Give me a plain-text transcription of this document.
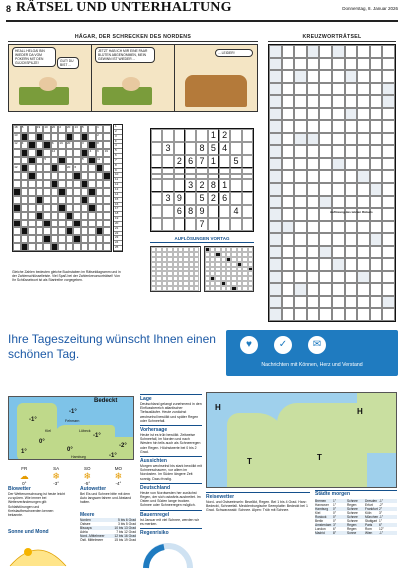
8 RÄTSEL UND UNTERHALTUNG	Donnerstag, 8. Januar 2026
HÄGAR, DER SCHRECKEN DES NORDENS
HEALL HELGA! BIN WIEDER DA VOM POKERN MIT DEN GLÜCKSPILZE!	GUT! DU BIST ...
JETZT HAB ICH MIR EINE PAAR BLÜTEN ABGENOMMEN, MEIN GEWINN IST WIEDER ...
... LEIDER!
18	5	19	10	20	2	20	13	5	1
13	2
12	4	6	19	20	3	8
12	4	6	19
5	5	11
12	20	6
1
2
3
F
4
5
6
7
8
9
10
11
12
13
14
15
16
17
18
19
20
21
22
23
24
25
Gleiche Zahlen bedeuten gleiche Buchstaben im Rätseldiagramm und in der Zahlenschlüsselleiste. Viel Spaß bei der Zahlenkreuzworträtsel! Von Ihr Schlüsselwort ist als Startreihe vorgegeben.
1 2
3	8 5 4
2 6 7 1	5
3 2 8 1
3 9	5 2 6
6 8 9	4
7
AUFLÖSUNGEN VORTAG
KREUZWORTRÄTSEL
Auflösung des letzten Rätsels
Ihre Tageszeitung wünscht Ihnen einen schönen Tag.
♥	✓	✉
Nachrichten mit Können, Herz und Verstand
-1°
-1°
0°
-1°
1°	0°
-2°
-1°
Fehmarn
Lübeck
Kiel
Hamburg
Bedeckt
FR
☁
0°
SA
❄
-3°
SO
❄
-5°
MO
❄
-4°
Biowetter
Der Wetterumschwung ist heute leicht zu spüren. Wie immer bei Wetterveränderungen gilt: Schlafstörungen und Kreislaufbeschwerden kennen bekannte.
Autowetter
Bei Eis und Schnee bitte mit dem Auto langsam fahren und Abstand halten.
Sonne und Mond
Meere
Norden	5 bis 6 Grad
Ostsee	3 bis 5 Grad
Biscaya	10 bis 13 Grad
Adria	7 bis 12 Grad
Nord.-Mittelmeer	12 bis 16 Grad
Östl. Mittelmeer	15 bis 19 Grad
Lage
Deutschland gelangt zunehmend in den Einflussbereich atlantischer Tiefausläufer. Heute zunächst wechselnd bewölkt und später Regen oder Schneefall.
Vorhersage
Heute ist es trüb bewölkt. Zeitweise Schneefall, im Norden und nach Westen hin teils auch als Schneeregen oder Regen. Höchstwerte bei 0 bis 2 Grad.
Aussichten
Morgen wechselnd bis stark bewölkt mit Schneeschauern, vor allem im Nordosten. Im Süden längere Zeit sonnig. Dazu frostig.
Deutschland
Heute von Nordwesten her zunächst Regen, der sich ostwärts ausbreitet. Im Osten und Süden lange trocken. Schnee oder Schneeregen möglich.
Bauernregel
Ist Januar mit viel Schnee, werden wir es merken.
Regenrisiko
H	H
T
T
Reisewetter
Nord- und Ostseeinseln: Bewölkt, Regen. Bei 1 bis 4 Grad. Harz: Bedeckt, Schneefall. Mecklenburgische Seenplatte: Bedeckt bei 1 Grad. Schwarzwald: Schnee. Alpen: Trüb mit Schnee.
Städte morgen
Bremen	1°	Schnee	Dresden -1°
Hannover	1°	Regen	Erfurt	-2°
Hamburg	0°	Schnee	Frankfurt 2°
Kiel	0°	Schnee	Köln	3°
Rostock	0°	Schnee	München -1°
Berlin	0°	Schnee	Stuttgart 1°
Amsterdam 3°	Regen	Paris	6°
London	6°	Regen	Rom	12°
Madrid	8°	Sonne	Wien	-1°
